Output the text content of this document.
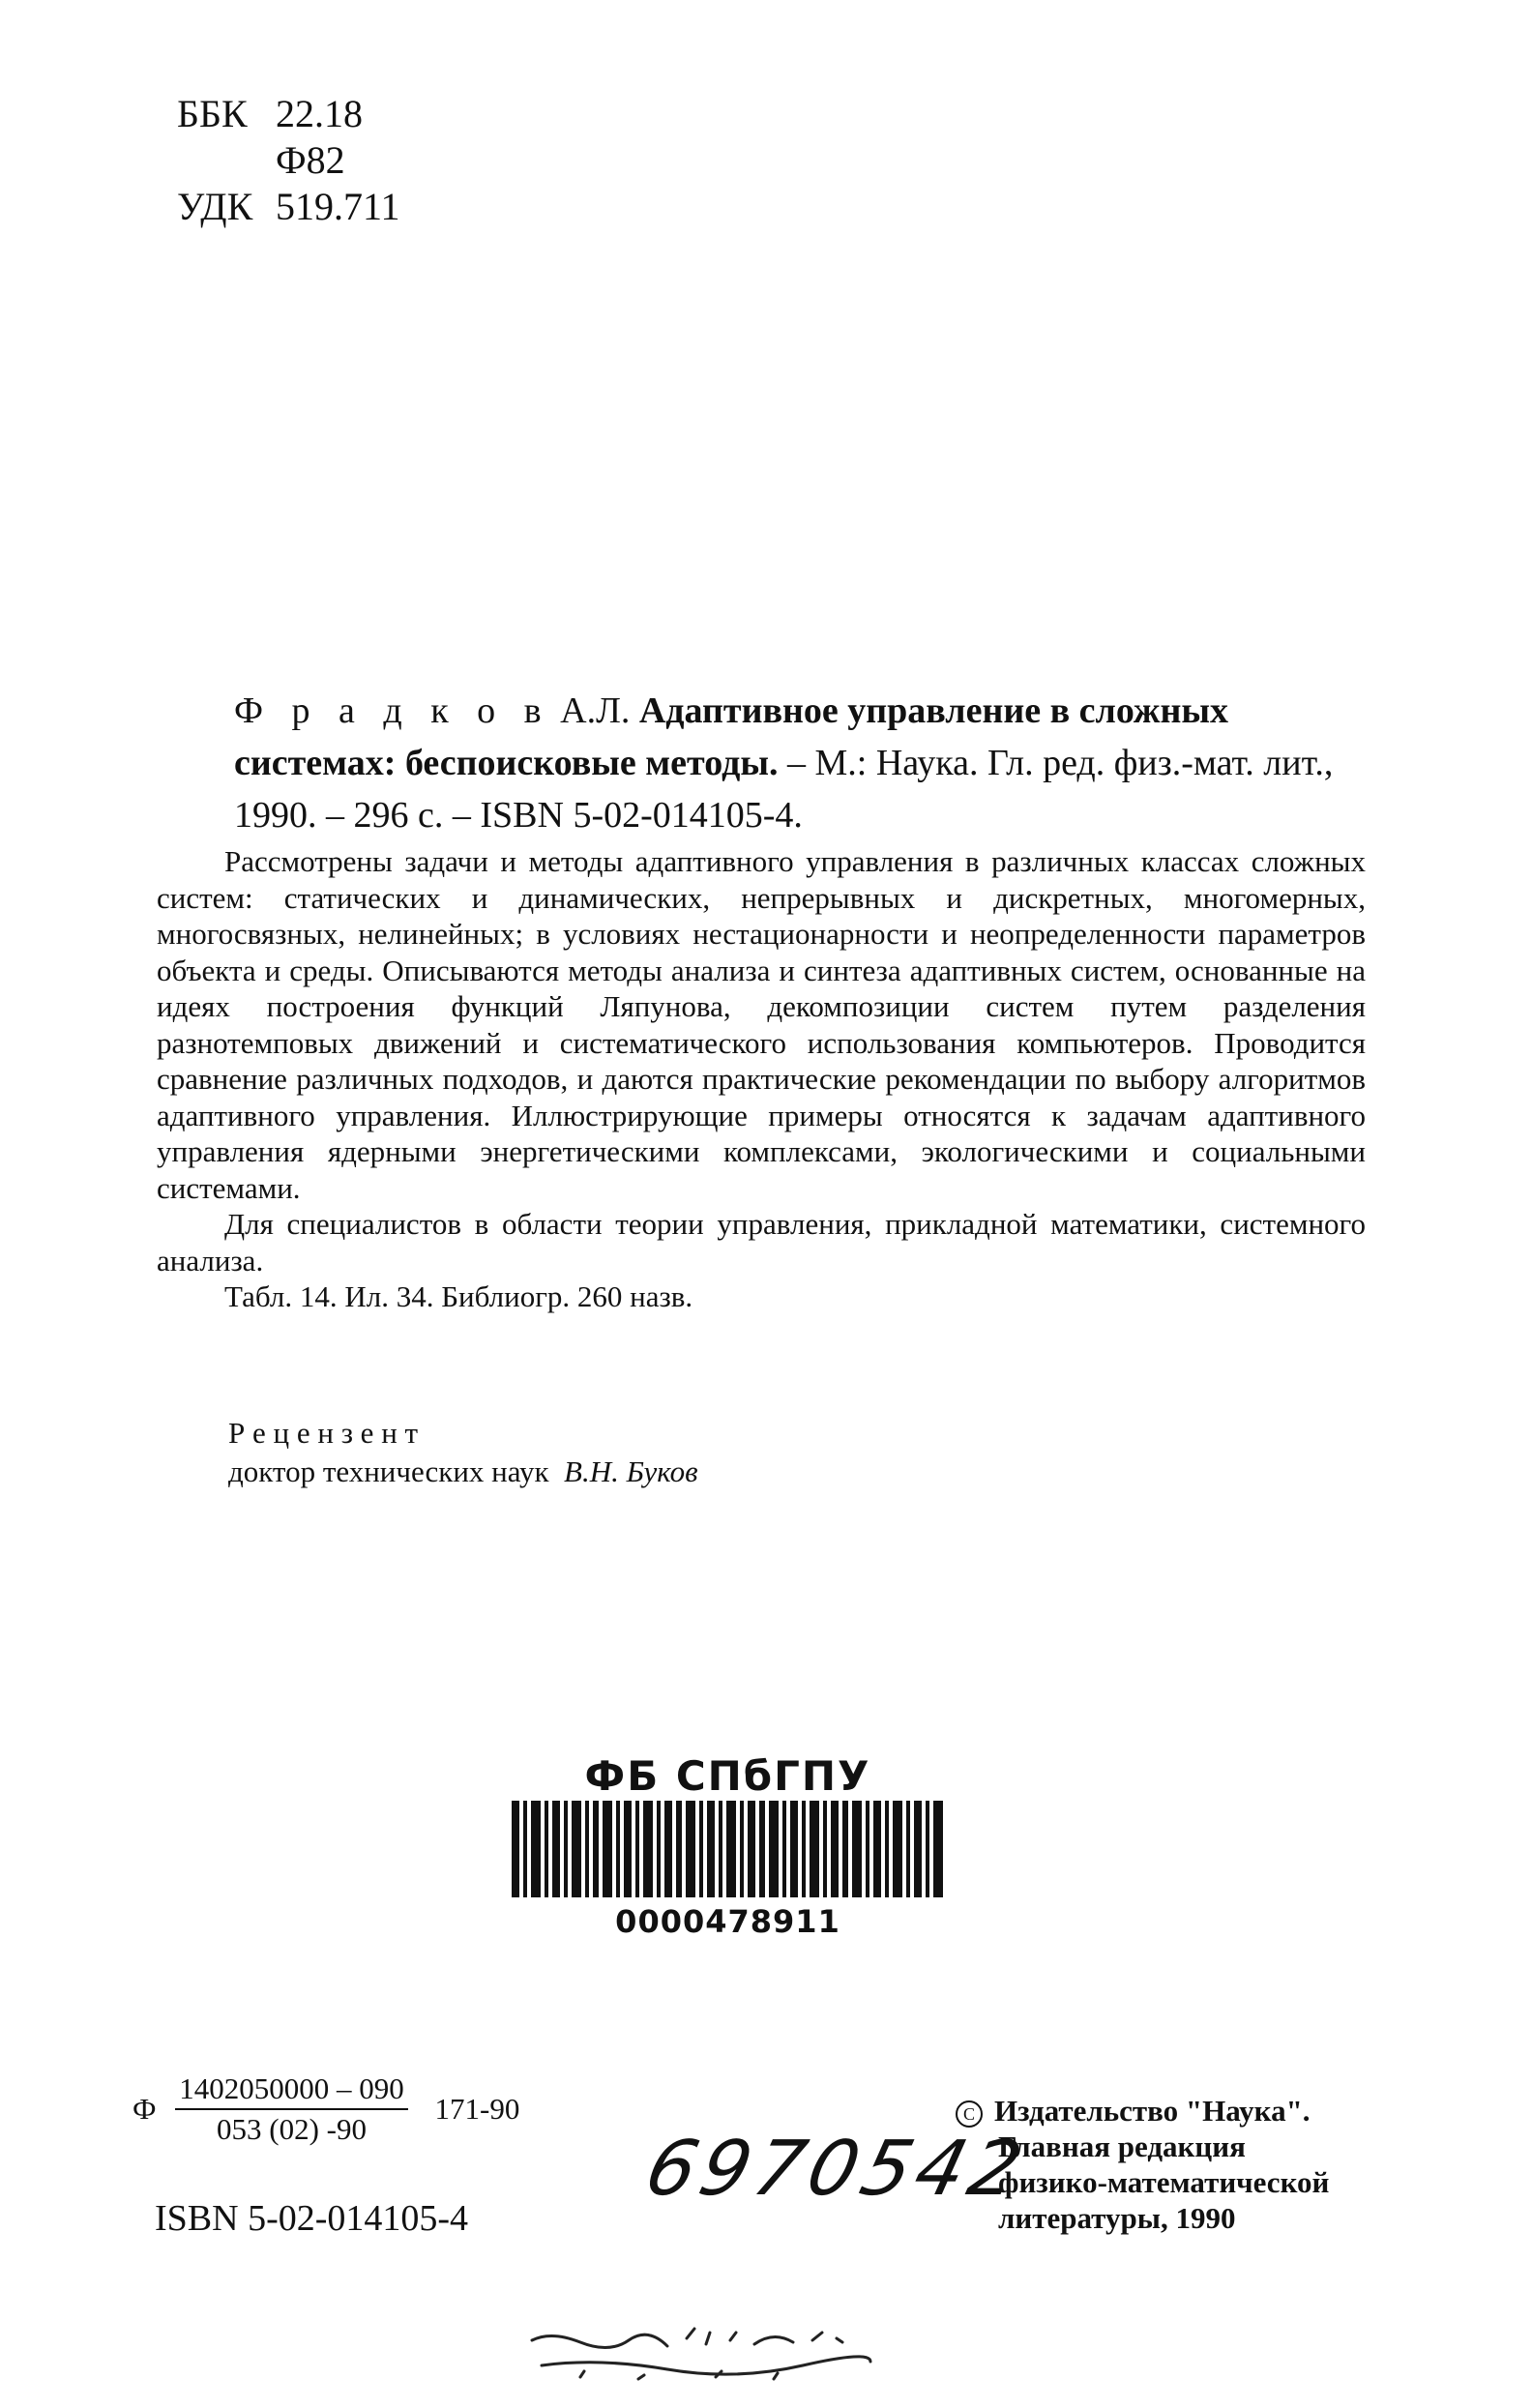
ББК 22.18
Ф82
УДК 519.711
Ф р а д к о в А.Л. Адаптивное управление в сложных системах: беспоисковые методы. – М.: Наука. Гл. ред. физ.-мат. лит., 1990. – 296 с. – ISBN 5-02-014105-4.

Рассмотрены задачи и методы адаптивного управления в различных классах сложных систем: статических и динамических, непрерывных и дискретных, многомерных, многосвязных, нелинейных; в условиях нестационарности и неопределенности параметров объекта и среды. Описываются методы анализа и синтеза адаптивных систем, основанные на идеях построения функций Ляпунова, декомпозиции систем путем разделения разнотемповых движений и систематического использования компьютеров. Проводится сравнение различных подходов, и даются практические рекомендации по выбору алгоритмов адаптивного управления. Иллюстрирующие примеры относятся к задачам адаптивного управления ядерными энергетическими комплексами, экологическими и социальными системами.

Для специалистов в области теории управления, прикладной математики, системного анализа.

Табл. 14. Ил. 34. Библиогр. 260 назв.

Р е ц е н з е н т
доктор технических наук В.Н. Буков
ФБ СПбГПУ
0000478911
Ф $\frac{1402050000 - 090}{053 (02) -90} 171-90$
ISBN 5-02-014105-4
6970542
C Издательство "Наука".
Главная редакция
физико-математической
литературы, 1990
